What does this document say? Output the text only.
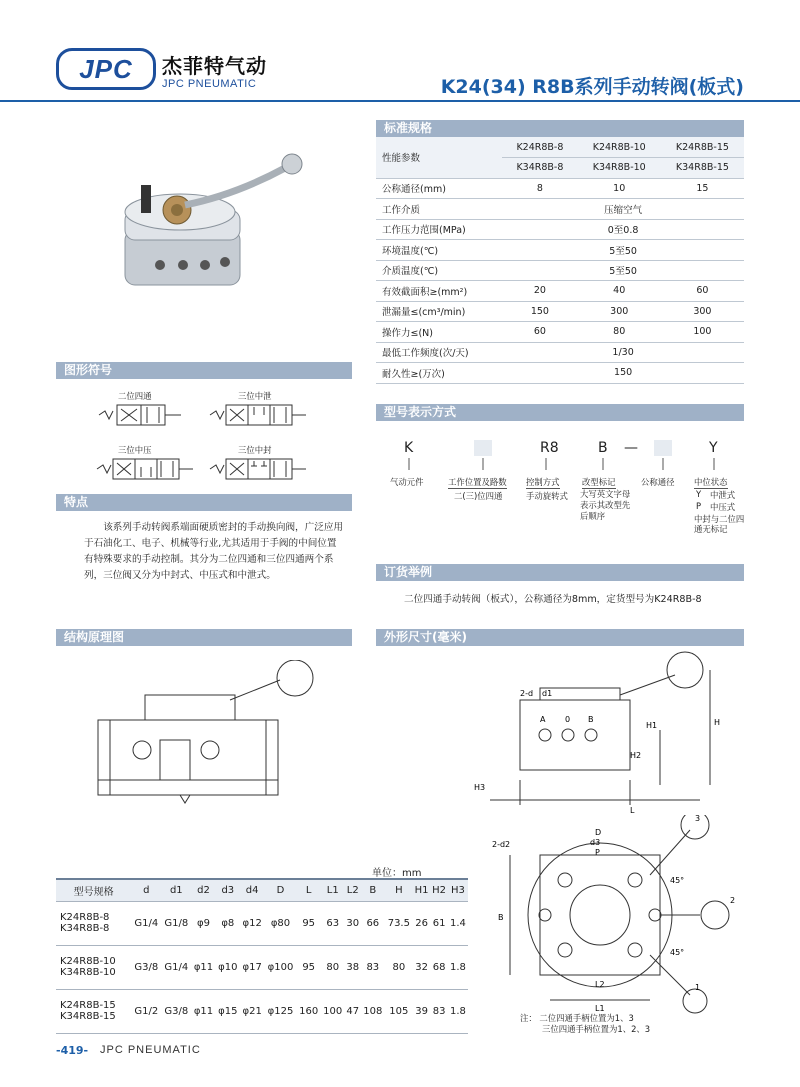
JPC 杰菲特气动
JPC PNEUMATIC	K24(34) R8B系列手动转阀(板式)
标准规格
性能参数	K24R8B-8	K24R8B-10	K24R8B-15
	K34R8B-8	K34R8B-10	K34R8B-15
公称通径(mm)	8	10	15
工作介质	压缩空气		
工作压力范围(MPa)	0至0.8		
环境温度(℃)	5至50		
介质温度(℃)	5至50		
有效截面积≥(mm²)	20	40	60
泄漏量≤(cm³/min)	150	300	300
操作力≤(N)	60	80	100
最低工作频度(次/天)	1/30		
耐久性≥(万次)	150		
图形符号
二位四通	三位中泄
三位中压	三位中封
特点
该系列手动转阀系端面硬质密封的手动换向阀，广泛应用于石油化工、电子、机械等行业,尤其适用于手阀的中间位置有特殊要求的手动控制。其分为二位四通和三位四通两个系列，三位阀又分为中封式、中压式和中泄式。
型号表示方式
K	R8	B —	Y
气动元件	工作位置及路数 控制方式	改型标记	公称通径 中位状态
二(三)位四通	手动旋转式 大写英文字母表示其改型先后顺序
Y 中泄式
P 中压式
中封与二位四通无标记
订货举例
二位四通手动转阀（板式），公称通径为8mm，定货型号为K24R8B-8
结构原理图	外形尺寸(毫米)
2-d d1
A 0 B	H
H1
H2
H3
L
D
P
d3
2-d2
B
45°
45°
3
2
1
L2
L1
注： 二位四通手柄位置为1、3
三位四通手柄位置为1、2、3
单位：mm
型号规格	d	d1	d2	d3	d4	D	L	L1	L2	B	H	H1	H2	H3
K24R8B-8
K34R8B-8	G1/4	G1/8	φ9	φ8	φ12	φ80	95	63	30	66	73.5	26	61	1.4
K24R8B-10
K34R8B-10	G3/8	G1/4	φ11	φ10	φ17	φ100	95	80	38	83	80	32	68	1.8
K24R8B-15
K34R8B-15	G1/2	G3/8	φ11	φ15	φ21	φ125	160	100	47	108	105	39	83	1.8
-419- JPC PNEUMATIC
